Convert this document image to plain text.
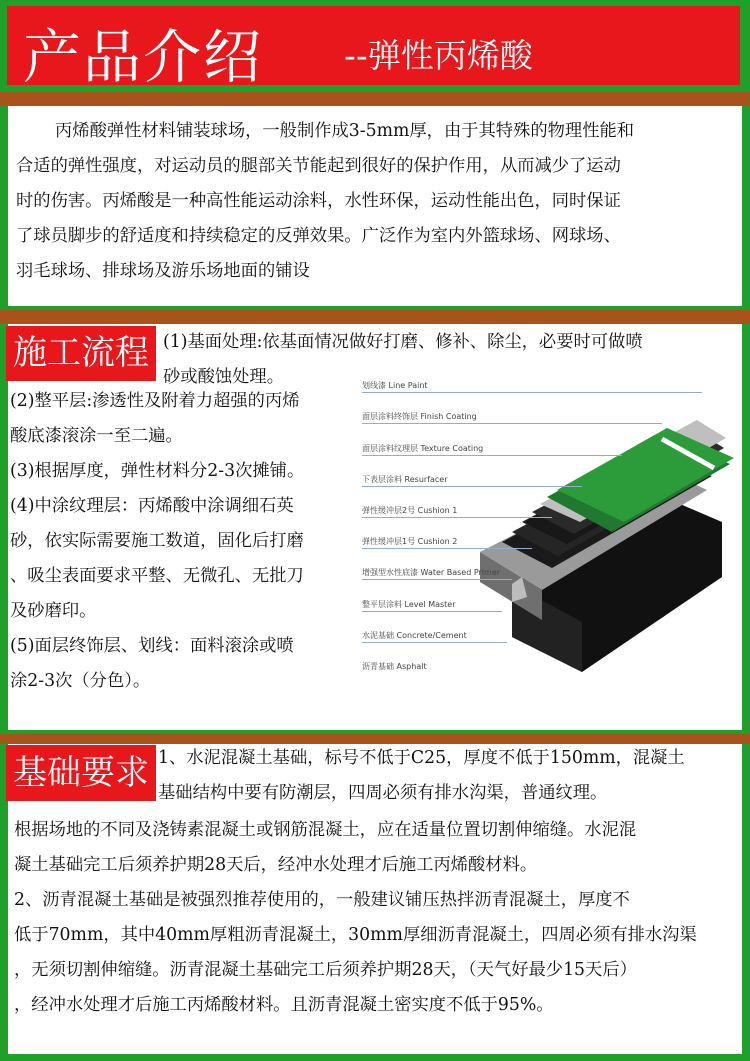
产品介绍 --弹性丙烯酸

丙烯酸弹性材料铺装球场，一般制作成3-5mm厚，由于其特殊的物理性能和

合适的弹性强度，对运动员的腿部关节能起到很好的保护作用，从而减少了运动

时的伤害。丙烯酸是一种高性能运动涂料，水性环保，运动性能出色，同时保证

了球员脚步的舒适度和持续稳定的反弹效果。广泛作为室内外篮球场、网球场、

羽毛球场、排球场及游乐场地面的铺设

施工流程 (1)基面处理:依基面情况做好打磨、修补、除尘，必要时可做喷
砂或酸蚀处理。
(2)整平层:渗透性及附着力超强的丙烯
酸底漆滚涂一至二遍。
(3)根据厚度，弹性材料分2-3次摊铺。
(4)中涂纹理层：丙烯酸中涂调细石英
砂，依实际需要施工数道，固化后打磨
、吸尘表面要求平整、无微孔、无批刀
及砂磨印。
(5)面层终饰层、划线：面料滚涂或喷
涂2-3次（分色）。
划线漆 Line Paint
面层涂料终饰层 Finish Coating
面层涂料纹理层 Texture Coating
下表层涂料 Resurfacer
弹性缓冲层2号 Cushion 1
弹性缓冲层1号 Cushion 2
增强型水性底漆 Water Based Primer
整平层涂料 Level Master
水泥基础 Concrete/Cement
沥青基础 Asphalt
基础要求 1、水泥混凝土基础，标号不低于C25，厚度不低于150mm，混凝土
基础结构中要有防潮层，四周必须有排水沟渠，普通纹理。
根据场地的不同及浇铸素混凝土或钢筋混凝土，应在适量位置切割伸缩缝。水泥混
凝土基础完工后须养护期28天后，经冲水处理才后施工丙烯酸材料。
2、沥青混凝土基础是被强烈推荐使用的，一般建议铺压热拌沥青混凝土，厚度不
低于70mm，其中40mm厚粗沥青混凝土，30mm厚细沥青混凝土，四周必须有排水沟渠
，无须切割伸缩缝。沥青混凝土基础完工后须养护期28天，（天气好最少15天后）
，经冲水处理才后施工丙烯酸材料。且沥青混凝土密实度不低于95%。
